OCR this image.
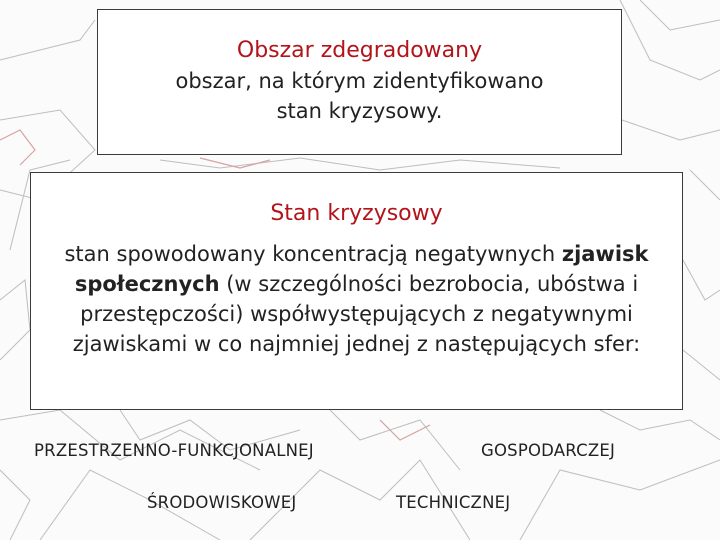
Obszar zdegradowany
obszar, na którym zidentyfikowano
stan kryzysowy.
Stan kryzysowy
stan spowodowany koncentracją negatywnych zjawisk społecznych (w szczególności bezrobocia, ubóstwa i przestępczości) współwystępujących z negatywnymi zjawiskami w co najmniej jednej z następujących sfer:
PRZESTRZENNO-FUNKCJONALNEJ	GOSPODARCZEJ
ŚRODOWISKOWEJ	TECHNICZNEJ
